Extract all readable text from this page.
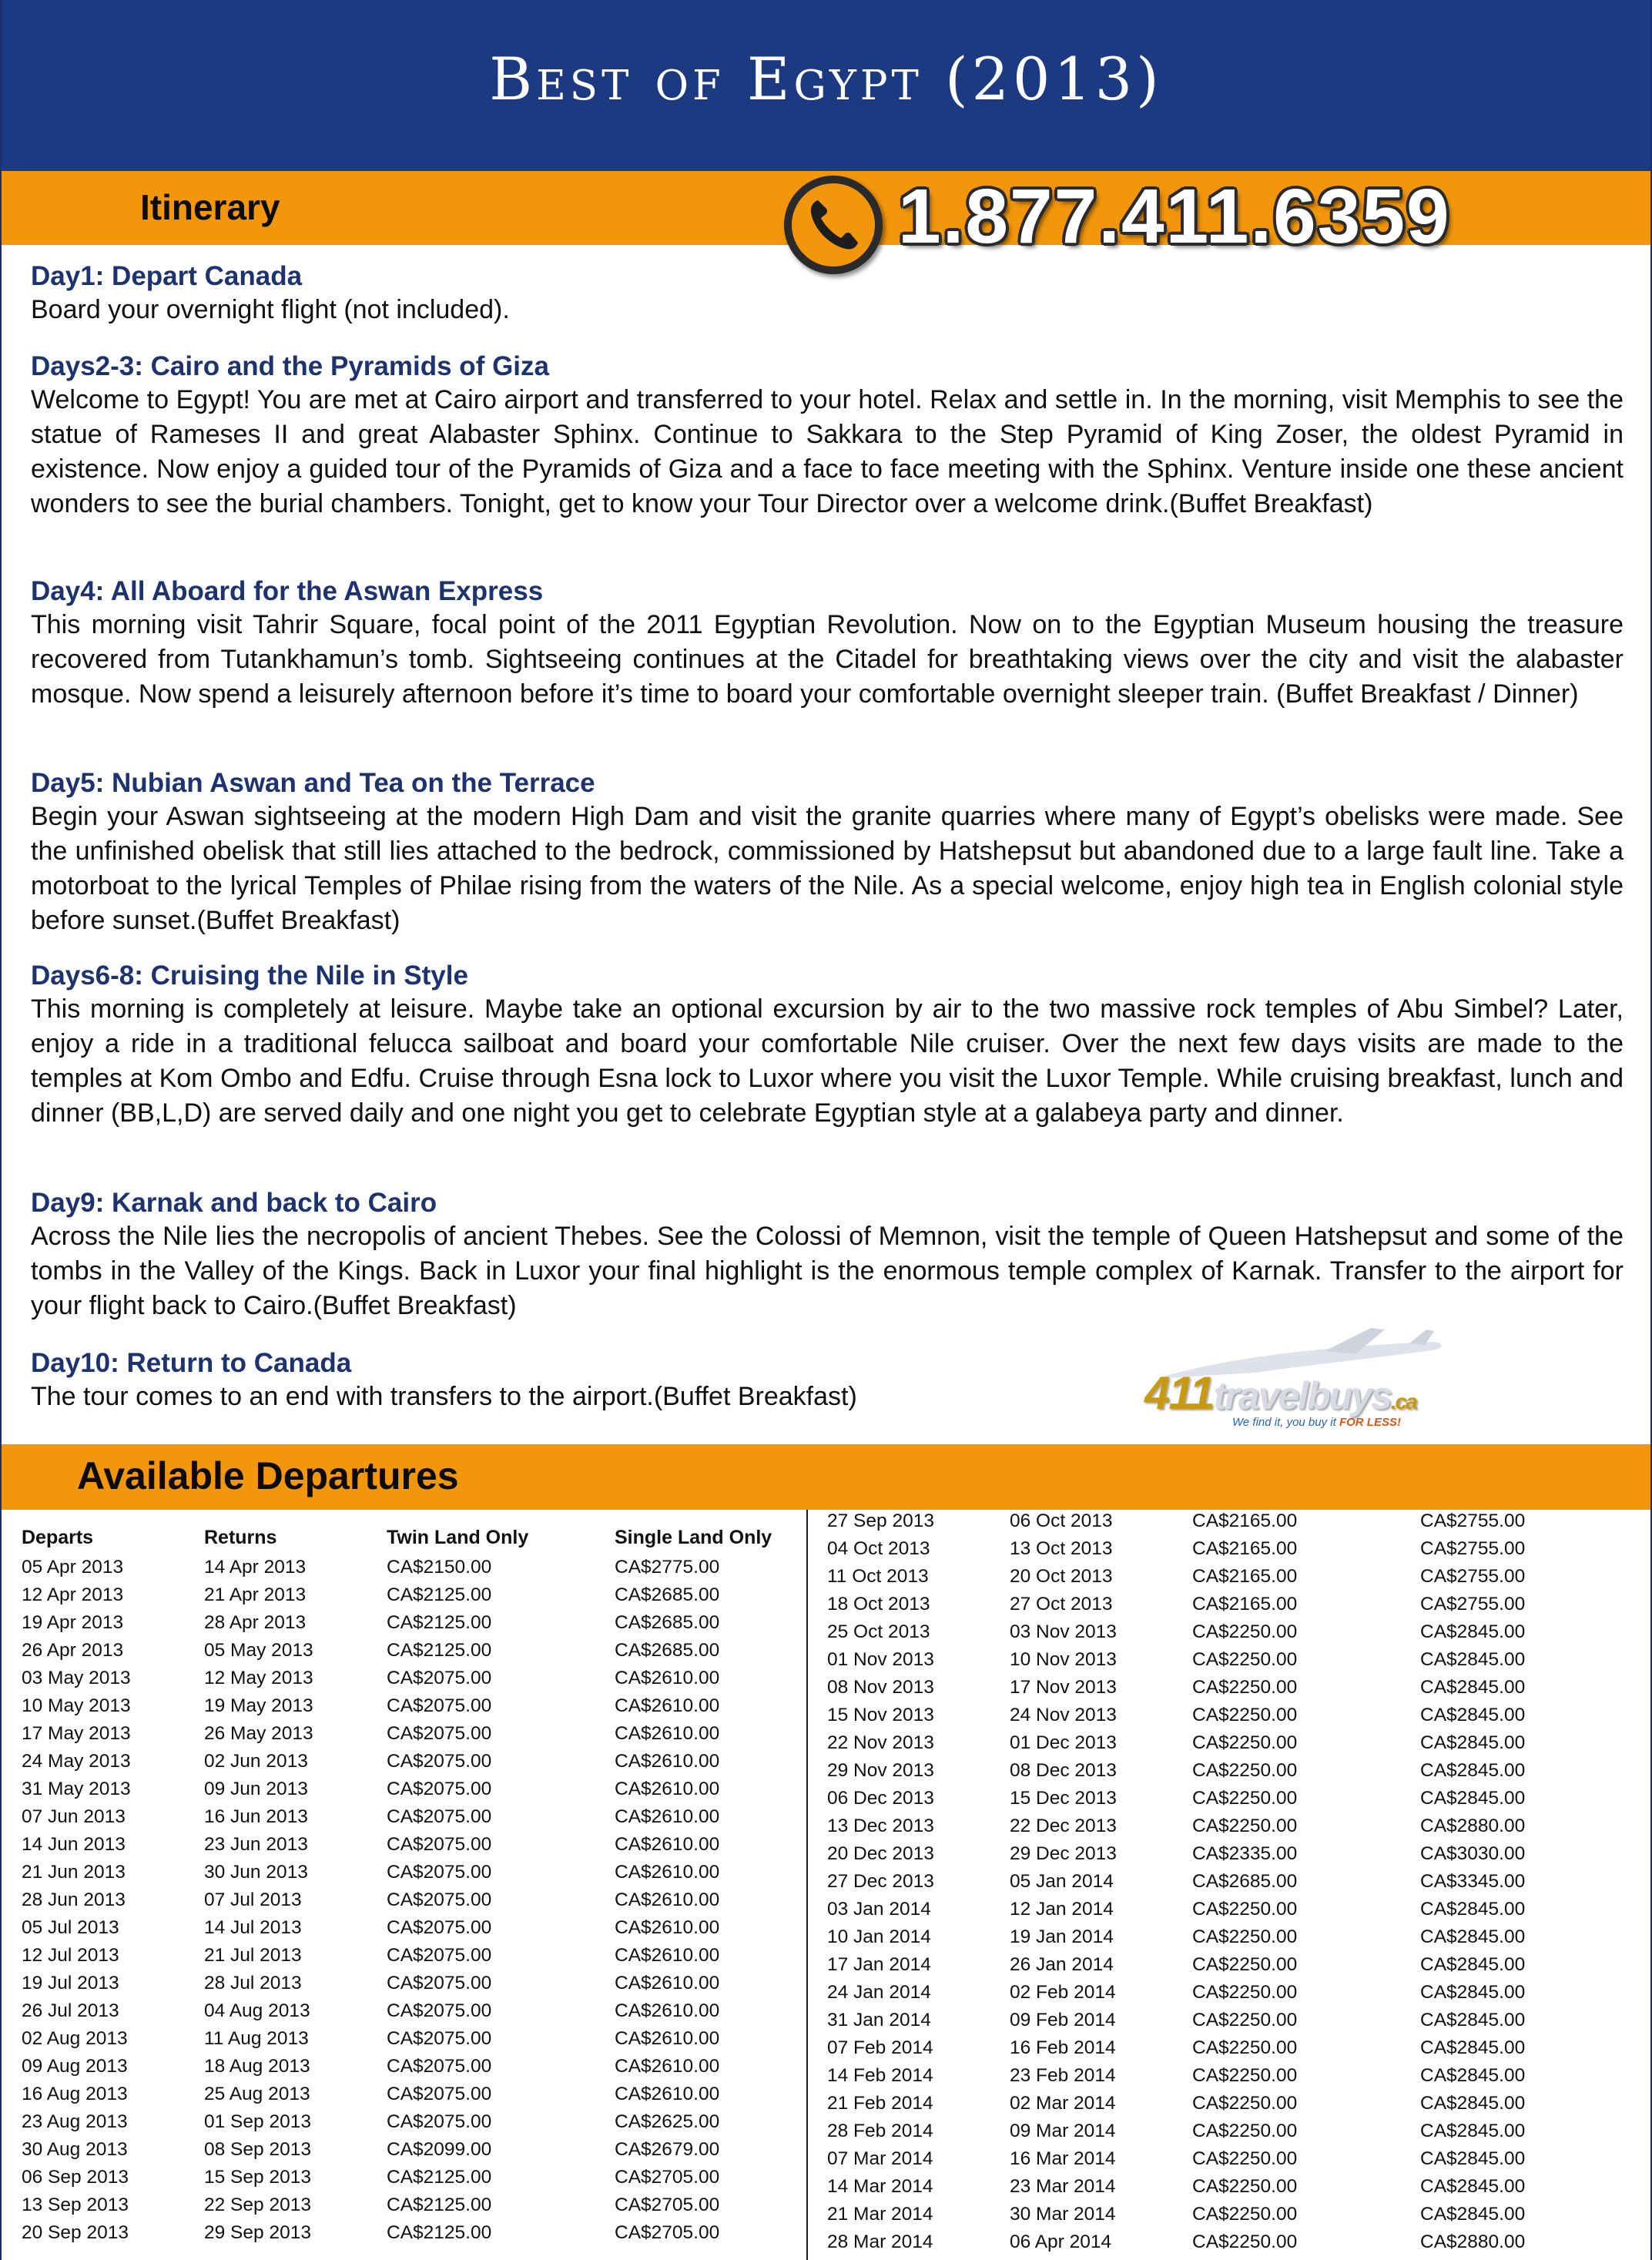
Best of Egypt (2013)
Itinerary	1.877.411.6359
Day1: Depart Canada
Board your overnight flight (not included).
Days2-3: Cairo and the Pyramids of Giza
Welcome to Egypt! You are met at Cairo airport and transferred to your hotel. Relax and settle in. In the morning, visit Memphis to see the statue of Rameses II and great Alabaster Sphinx. Continue to Sakkara to the Step Pyramid of King Zoser, the oldest Pyramid in existence. Now enjoy a guided tour of the Pyramids of Giza and a face to face meeting with the Sphinx. Venture inside one these ancient wonders to see the burial chambers. Tonight, get to know your Tour Director over a welcome drink.(Buffet Breakfast)
Day4: All Aboard for the Aswan Express
This morning visit Tahrir Square, focal point of the 2011 Egyptian Revolution. Now on to the Egyptian Museum housing the treasure recovered from Tutankhamun’s tomb. Sightseeing continues at the Citadel for breathtaking views over the city and visit the alabaster mosque. Now spend a leisurely afternoon before it’s time to board your comfortable overnight sleeper train. (Buffet Breakfast / Dinner)
Day5: Nubian Aswan and Tea on the Terrace
Begin your Aswan sightseeing at the modern High Dam and visit the granite quarries where many of Egypt’s obelisks were made. See the unfinished obelisk that still lies attached to the bedrock, commissioned by Hatshepsut but abandoned due to a large fault line. Take a motorboat to the lyrical Temples of Philae rising from the waters of the Nile. As a special welcome, enjoy high tea in English colonial style before sunset.(Buffet Breakfast)
Days6-8: Cruising the Nile in Style
This morning is completely at leisure. Maybe take an optional excursion by air to the two massive rock temples of Abu Simbel? Later, enjoy a ride in a traditional felucca sailboat and board your comfortable Nile cruiser. Over the next few days visits are made to the temples at Kom Ombo and Edfu. Cruise through Esna lock to Luxor where you visit the Luxor Temple. While cruising breakfast, lunch and dinner (BB,L,D) are served daily and one night you get to celebrate Egyptian style at a galabeya party and dinner.
Day9: Karnak and back to Cairo
Across the Nile lies the necropolis of ancient Thebes. See the Colossi of Memnon, visit the temple of Queen Hatshepsut and some of the tombs in the Valley of the Kings. Back in Luxor your final highlight is the enormous temple complex of Karnak. Transfer to the airport for your flight back to Cairo.(Buffet Breakfast)
Day10: Return to Canada
The tour comes to an end with transfers to the airport.(Buffet Breakfast)	411travelbuys.ca
We find it, you buy it FOR LESS!
Available Departures
Departs	Returns	Twin Land Only	Single Land Only
05 Apr 2013	14 Apr 2013	CA$2150.00	CA$2775.00
12 Apr 2013	21 Apr 2013	CA$2125.00	CA$2685.00
19 Apr 2013	28 Apr 2013	CA$2125.00	CA$2685.00
26 Apr 2013	05 May 2013	CA$2125.00	CA$2685.00
03 May 2013	12 May 2013	CA$2075.00	CA$2610.00
10 May 2013	19 May 2013	CA$2075.00	CA$2610.00
17 May 2013	26 May 2013	CA$2075.00	CA$2610.00
24 May 2013	02 Jun 2013	CA$2075.00	CA$2610.00
31 May 2013	09 Jun 2013	CA$2075.00	CA$2610.00
07 Jun 2013	16 Jun 2013	CA$2075.00	CA$2610.00
14 Jun 2013	23 Jun 2013	CA$2075.00	CA$2610.00
21 Jun 2013	30 Jun 2013	CA$2075.00	CA$2610.00
28 Jun 2013	07 Jul 2013	CA$2075.00	CA$2610.00
05 Jul 2013	14 Jul 2013	CA$2075.00	CA$2610.00
12 Jul 2013	21 Jul 2013	CA$2075.00	CA$2610.00
19 Jul 2013	28 Jul 2013	CA$2075.00	CA$2610.00
26 Jul 2013	04 Aug 2013	CA$2075.00	CA$2610.00
02 Aug 2013	11 Aug 2013	CA$2075.00	CA$2610.00
09 Aug 2013	18 Aug 2013	CA$2075.00	CA$2610.00
16 Aug 2013	25 Aug 2013	CA$2075.00	CA$2610.00
23 Aug 2013	01 Sep 2013	CA$2075.00	CA$2625.00
30 Aug 2013	08 Sep 2013	CA$2099.00	CA$2679.00
06 Sep 2013	15 Sep 2013	CA$2125.00	CA$2705.00
13 Sep 2013	22 Sep 2013	CA$2125.00	CA$2705.00
20 Sep 2013	29 Sep 2013	CA$2125.00	CA$2705.00
27 Sep 2013	06 Oct 2013	CA$2165.00	CA$2755.00
04 Oct 2013	13 Oct 2013	CA$2165.00	CA$2755.00
11 Oct 2013	20 Oct 2013	CA$2165.00	CA$2755.00
18 Oct 2013	27 Oct 2013	CA$2165.00	CA$2755.00
25 Oct 2013	03 Nov 2013	CA$2250.00	CA$2845.00
01 Nov 2013	10 Nov 2013	CA$2250.00	CA$2845.00
08 Nov 2013	17 Nov 2013	CA$2250.00	CA$2845.00
15 Nov 2013	24 Nov 2013	CA$2250.00	CA$2845.00
22 Nov 2013	01 Dec 2013	CA$2250.00	CA$2845.00
29 Nov 2013	08 Dec 2013	CA$2250.00	CA$2845.00
06 Dec 2013	15 Dec 2013	CA$2250.00	CA$2845.00
13 Dec 2013	22 Dec 2013	CA$2250.00	CA$2880.00
20 Dec 2013	29 Dec 2013	CA$2335.00	CA$3030.00
27 Dec 2013	05 Jan 2014	CA$2685.00	CA$3345.00
03 Jan 2014	12 Jan 2014	CA$2250.00	CA$2845.00
10 Jan 2014	19 Jan 2014	CA$2250.00	CA$2845.00
17 Jan 2014	26 Jan 2014	CA$2250.00	CA$2845.00
24 Jan 2014	02 Feb 2014	CA$2250.00	CA$2845.00
31 Jan 2014	09 Feb 2014	CA$2250.00	CA$2845.00
07 Feb 2014	16 Feb 2014	CA$2250.00	CA$2845.00
14 Feb 2014	23 Feb 2014	CA$2250.00	CA$2845.00
21 Feb 2014	02 Mar 2014	CA$2250.00	CA$2845.00
28 Feb 2014	09 Mar 2014	CA$2250.00	CA$2845.00
07 Mar 2014	16 Mar 2014	CA$2250.00	CA$2845.00
14 Mar 2014	23 Mar 2014	CA$2250.00	CA$2845.00
21 Mar 2014	30 Mar 2014	CA$2250.00	CA$2845.00
28 Mar 2014	06 Apr 2014	CA$2250.00	CA$2880.00
